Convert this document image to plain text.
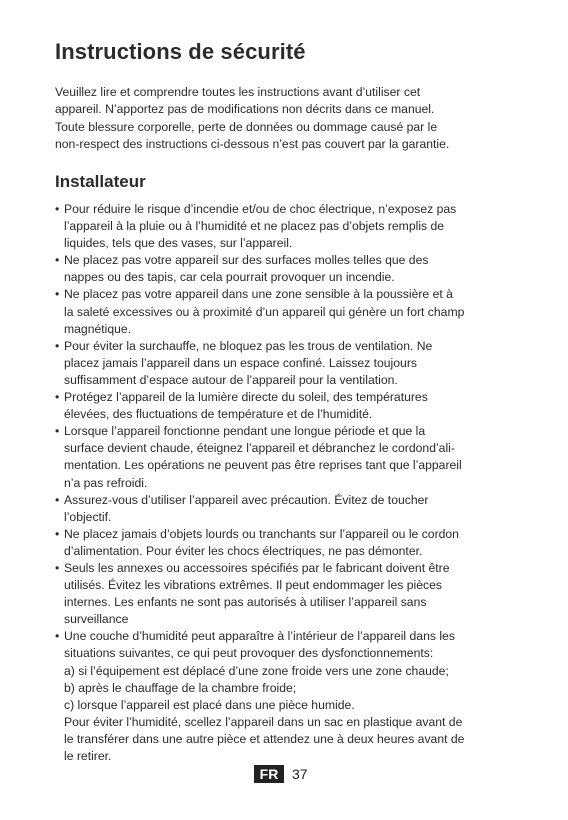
Instructions de sécurité

Veuillez lire et comprendre toutes les instructions avant d’utiliser cet
appareil. N’apportez pas de modifications non décrits dans ce manuel.
Toute blessure corporelle, perte de données ou dommage causé par le
non-respect des instructions ci-dessous n’est pas couvert par la garantie.

Installateur
• Pour réduire le risque d’incendie et/ou de choc électrique, n’exposez pas
l’appareil à la pluie ou à l’humidité et ne placez pas d’objets remplis de
liquides, tels que des vases, sur l’appareil.
• Ne placez pas votre appareil sur des surfaces molles telles que des
nappes ou des tapis, car cela pourrait provoquer un incendie.
• Ne placez pas votre appareil dans une zone sensible à la poussière et à
la saleté excessives ou à proximité d’un appareil qui génère un fort champ
magnétique.
• Pour éviter la surchauffe, ne bloquez pas les trous de ventilation. Ne
placez jamais l’appareil dans un espace confiné. Laissez toujours
suffisamment d’espace autour de l’appareil pour la ventilation.
• Protégez l’appareil de la lumière directe du soleil, des températures
élevées, des fluctuations de température et de l’humidité.
• Lorsque l’appareil fonctionne pendant une longue période et que la
surface devient chaude, éteignez l’appareil et débranchez le cordond’ali-
mentation. Les opérations ne peuvent pas être reprises tant que l’appareil
n’a pas refroidi.
• Assurez-vous d’utiliser l’appareil avec précaution. Évitez de toucher
l’objectif.
• Ne placez jamais d’objets lourds ou tranchants sur l’appareil ou le cordon
d’alimentation. Pour éviter les chocs électriques, ne pas démonter.
• Seuls les annexes ou accessoires spécifiés par le fabricant doivent être
utilisés. Évitez les vibrations extrêmes. Il peut endommager les pièces
internes. Les enfants ne sont pas autorisés à utiliser l’appareil sans
surveillance
• Une couche d’humidité peut apparaître à l’intérieur de l’appareil dans les
situations suivantes, ce qui peut provoquer des dysfonctionnements:
a) si l’équipement est déplacé d’une zone froide vers une zone chaude;
b) après le chauffage de la chambre froide;
c) lorsque l’appareil est placé dans une pièce humide.
Pour éviter l’humidité, scellez l’appareil dans un sac en plastique avant de
le transférer dans une autre pièce et attendez une à deux heures avant de
le retirer.
FR 37
